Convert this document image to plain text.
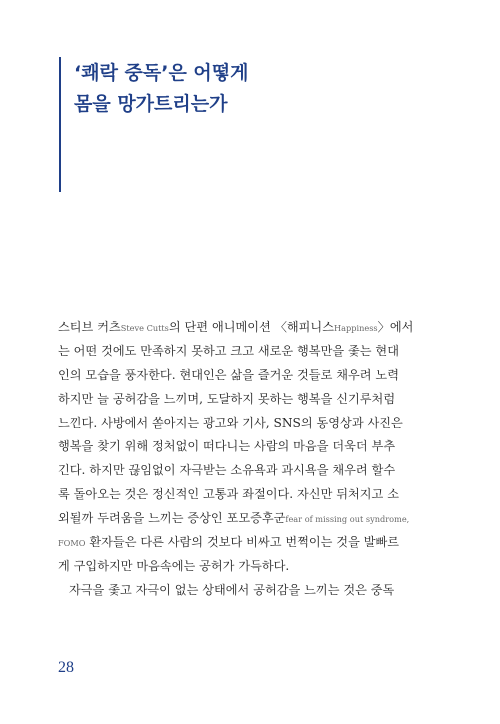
‘쾌락 중독’은 어떻게
몸을 망가트리는가
스티브 커츠Steve Cutts의 단편 애니메이션 〈해피니스Happiness〉에서
는 어떤 것에도 만족하지 못하고 크고 새로운 행복만을 좇는 현대
인의 모습을 풍자한다. 현대인은 삶을 즐거운 것들로 채우려 노력
하지만 늘 공허감을 느끼며, 도달하지 못하는 행복을 신기루처럼
느낀다. 사방에서 쏟아지는 광고와 기사, SNS의 동영상과 사진은
행복을 찾기 위해 정처없이 떠다니는 사람의 마음을 더욱더 부추
긴다. 하지만 끊임없이 자극받는 소유욕과 과시욕을 채우려 할수
록 돌아오는 것은 정신적인 고통과 좌절이다. 자신만 뒤처지고 소
외될까 두려움을 느끼는 증상인 포모증후군fear of missing out syndrome,
FOMO 환자들은 다른 사람의 것보다 비싸고 번쩍이는 것을 발빠르
게 구입하지만 마음속에는 공허가 가득하다.
자극을 좇고 자극이 없는 상태에서 공허감을 느끼는 것은 중독
28
